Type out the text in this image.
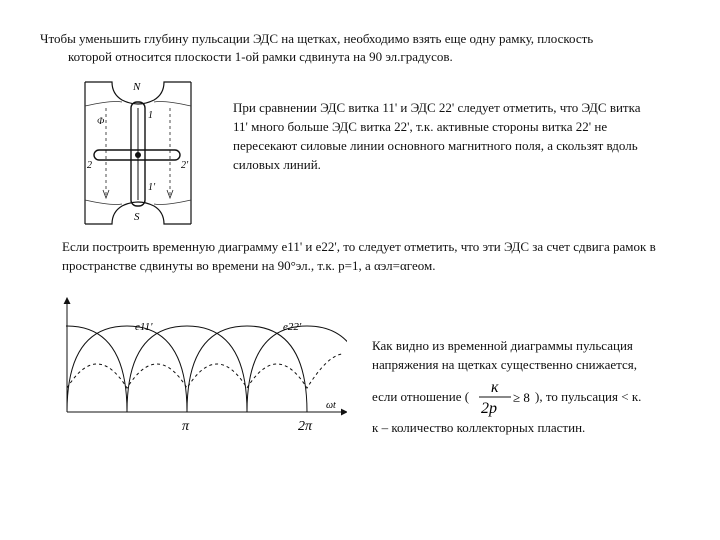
Чтобы уменьшить глубину пульсации ЭДС на щетках, необходимо взять еще одну рамку, плоскость
которой относится плоскости 1-ой рамки сдвинута на 90 эл.градусов.

N
S
1
1'
2	2'
Ф

При сравнении ЭДС витка 11' и ЭДС 22' следует отметить, что ЭДС витка 11' много больше ЭДС витка 22', т.к. активные стороны витка 22' не пересекают силовые линии основного магнитного поля, а скользят вдоль силовых линий.

Если построить временную диаграмму е11' и е22', то следует отметить, что эти ЭДС за счет сдвига рамок в пространстве сдвинуты во времени на 90°эл., т.к. p=1, а αэл=αгеом.

e11'	e22'
ωt
π	2π

Как видно из временной диаграммы пульсация напряжения на щетках существенно снижается,

если отношение (
к
2p
≥ 8 ), то пульсация < к.

к – количество коллекторных пластин.
